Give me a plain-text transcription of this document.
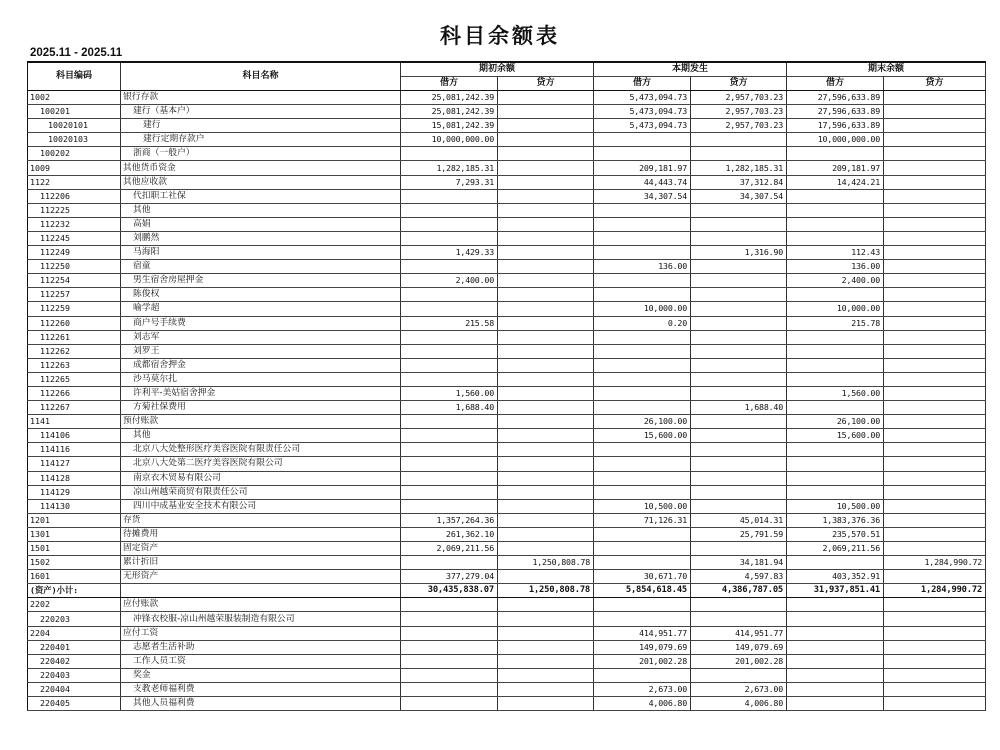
科目余额表
2025.11 - 2025.11
科目编码	科目名称	期初余额		本期发生		期末余额	
		借方	贷方	借方	贷方	借方	贷方
1002	银行存款	25,081,242.39		5,473,094.73	2,957,703.23	27,596,633.89	
100201	建行（基本户）	25,081,242.39		5,473,094.73	2,957,703.23	27,596,633.89	
10020101	建行	15,081,242.39		5,473,094.73	2,957,703.23	17,596,633.89	
10020103	建行定期存款户	10,000,000.00				10,000,000.00	
100202	浙商（一般户）						
1009	其他货币资金	1,282,185.31		209,181.97	1,282,185.31	209,181.97	
1122	其他应收款	7,293.31		44,443.74	37,312.84	14,424.21	
112206	代扣职工社保			34,307.54	34,307.54		
112225	其他						
112232	高娟						
112245	刘鹏然						
112249	马海阳	1,429.33			1,316.90	112.43	
112250	宿童			136.00		136.00	
112254	男生宿舍房屋押金	2,400.00				2,400.00	
112257	陈俊权						
112259	喻学超			10,000.00		10,000.00	
112260	商户号手续费	215.58		0.20		215.78	
112261	刘志军						
112262	刘罗王						
112263	成都宿舍押金						
112265	沙马莫尔扎						
112266	许利平-美姑宿舍押金	1,560.00				1,560.00	
112267	方菊社保费用	1,688.40			1,688.40		
1141	预付账款			26,100.00		26,100.00	
114106	其他			15,600.00		15,600.00	
114116	北京八大处整形医疗美容医院有限责任公司						
114127	北京八大处第二医疗美容医院有限公司						
114128	南京衣木贸易有限公司						
114129	凉山州越荣商贸有限责任公司						
114130	四川中成基业安全技术有限公司			10,500.00		10,500.00	
1201	存货	1,357,264.36		71,126.31	45,014.31	1,383,376.36	
1301	待摊费用	261,362.10			25,791.59	235,570.51	
1501	固定资产	2,069,211.56				2,069,211.56	
1502	累计折旧		1,250,808.78		34,181.94		1,284,990.72
1601	无形资产	377,279.04		30,671.70	4,597.83	403,352.91	
(资产)小计:		30,435,838.07	1,250,808.78	5,854,618.45	4,386,787.05	31,937,851.41	1,284,990.72
2202	应付账款						
220203	冲锋衣校服-凉山州越荣服装制造有限公司						
2204	应付工资			414,951.77	414,951.77		
220401	志愿者生活补助			149,079.69	149,079.69		
220402	工作人员工资			201,002.28	201,002.28		
220403	奖金						
220404	支教老师福利费			2,673.00	2,673.00		
220405	其他人员福利费			4,006.80	4,006.80		
